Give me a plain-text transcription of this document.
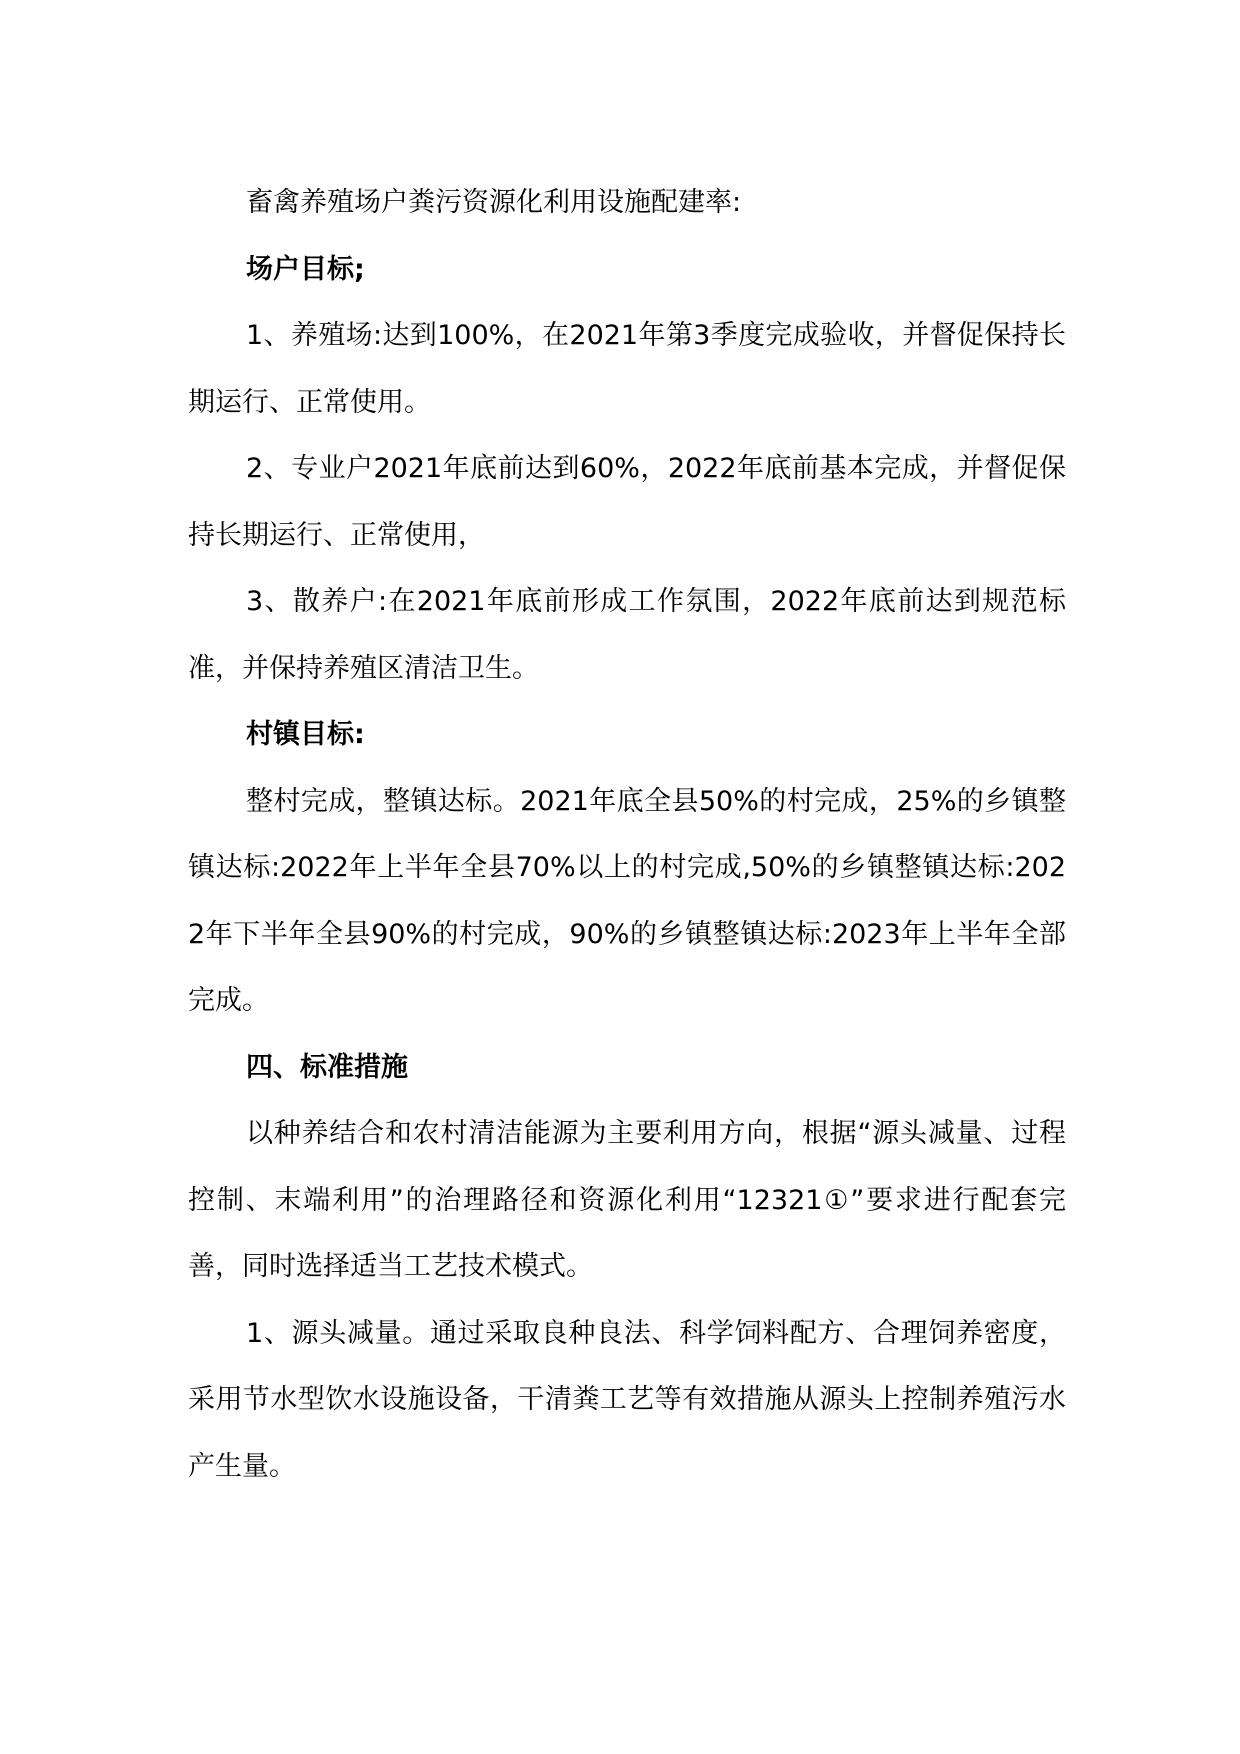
畜禽养殖场户粪污资源化利用设施配建率:

场户目标;

1、养殖场:达到100%，在2021年第3季度完成验收，并督促保持长期运行、正常使用。

2、专业户2021年底前达到60%，2022年底前基本完成，并督促保持长期运行、正常使用，

3、散养户:在2021年底前形成工作氛围，2022年底前达到规范标准，并保持养殖区清洁卫生。

村镇目标:

整村完成，整镇达标。2021年底全县50%的村完成，25%的乡镇整镇达标:2022年上半年全县70%以上的村完成,50%的乡镇整镇达标:2022年下半年全县90%的村完成，90%的乡镇整镇达标:2023年上半年全部完成。

四、标准措施

以种养结合和农村清洁能源为主要利用方向，根据“源头减量、过程控制、末端利用”的治理路径和资源化利用“12321①”要求进行配套完善，同时选择适当工艺技术模式。

1、源头减量。通过采取良种良法、科学饲料配方、合理饲养密度，采用节水型饮水设施设备，干清粪工艺等有效措施从源头上控制养殖污水产生量。
